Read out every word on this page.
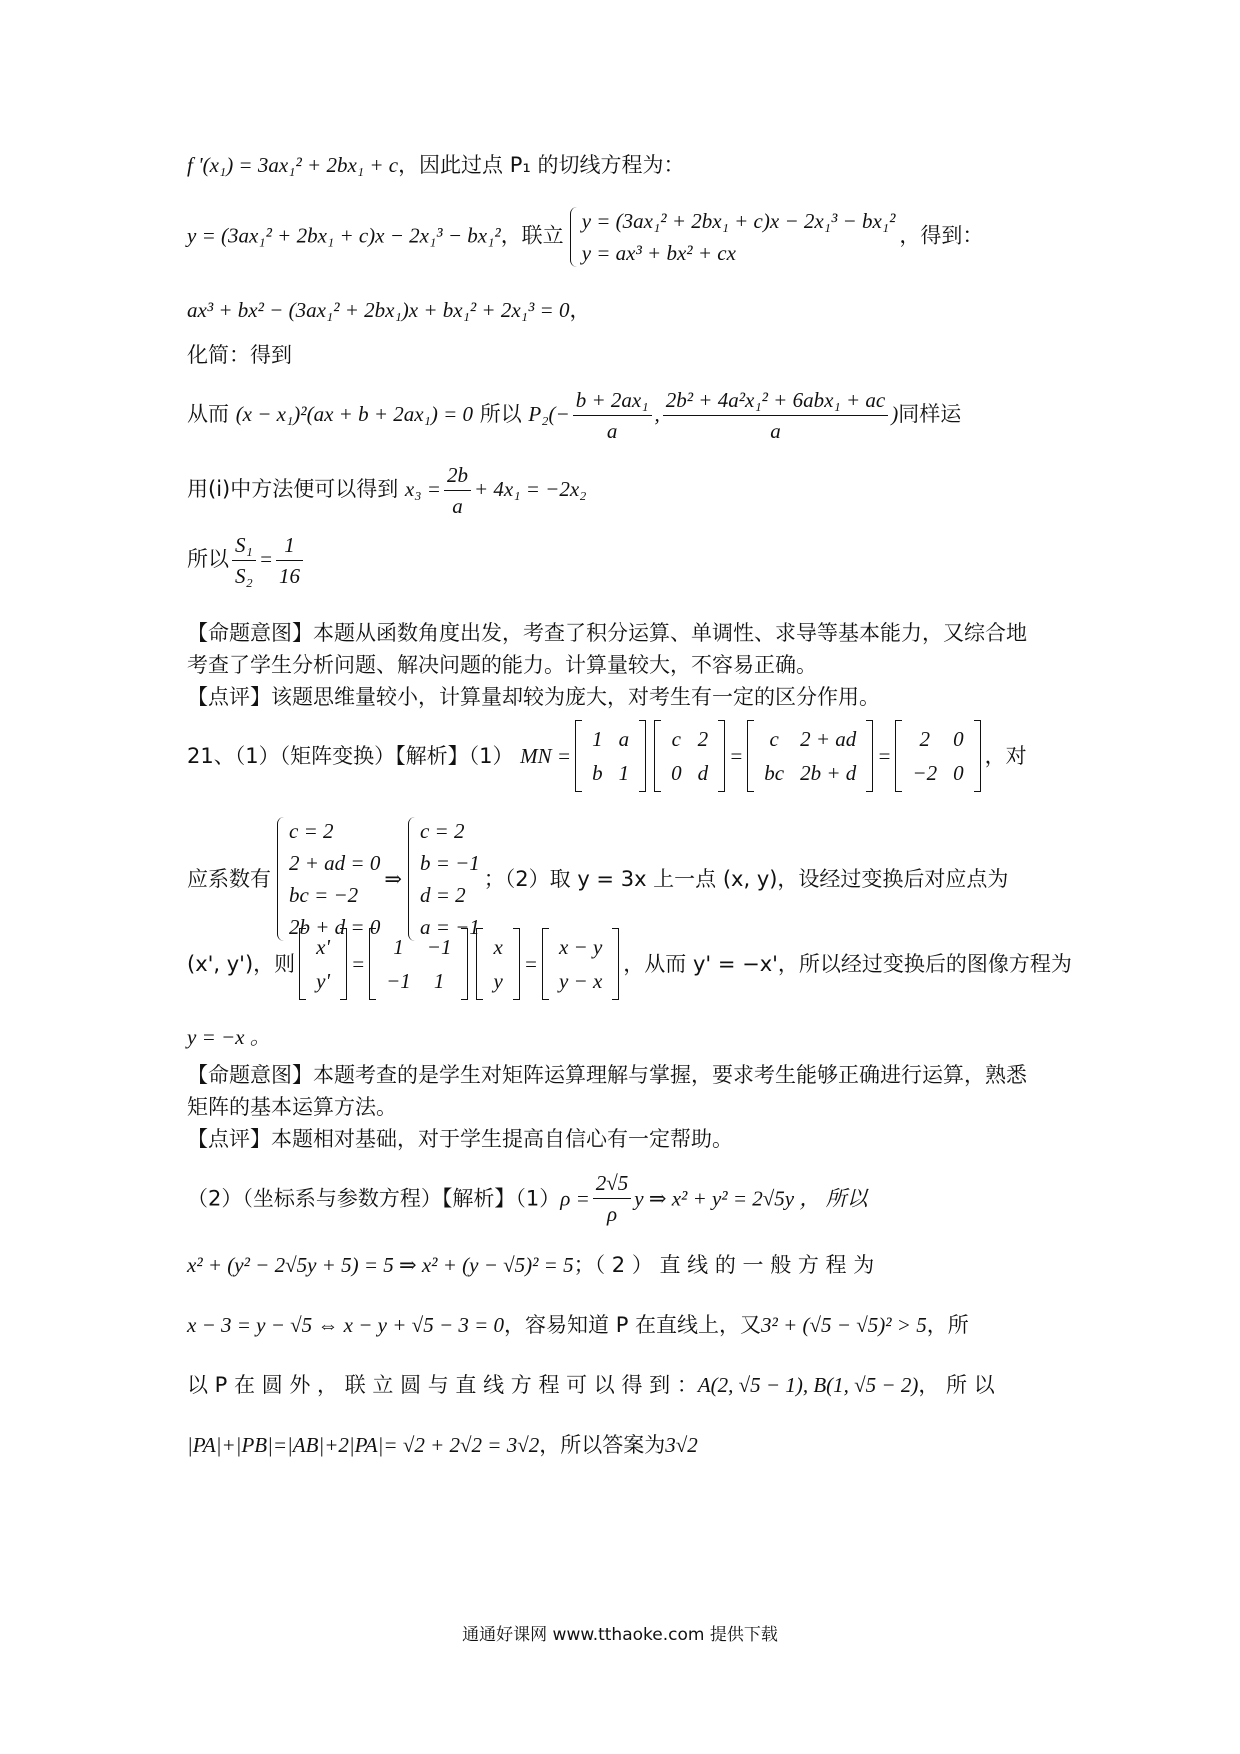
f '(x₁) = 3ax₁² + 2bx₁ + c，因此过点 P₁ 的切线方程为：
y = (3ax₁² + 2bx₁ + c)x − 2x₁³ − bx₁²，联立
y = (3ax₁² + 2bx₁ + c)x − 2x₁³ − bx₁²
y = ax³ + bx² + cx
，得到：
ax³ + bx² − (3ax₁² + 2bx₁)x + bx₁² + 2x₁³ = 0，
化简：得到
从而 (x − x₁)²(ax + b + 2ax₁) = 0 所以 $P_2(- \frac{\text{b + 2ax₁}}{a}$ , $\frac{\text{2b² + 4a²x₁² + 6abx₁ + ac}}{a}$ )同样运
用(i)中方法便可以得到 $x_3 = \frac{2b}{a} + 4x_1 = -2x_2$
所以 $\frac{\text{S₁}}{\text{S₂}} = \frac{1}{16}$
【命题意图】本题从函数角度出发，考查了积分运算、单调性、求导等基本能力，又综合地
考查了学生分析问题、解决问题的能力。计算量较大，不容易正确。
【点评】该题思维量较小，计算量却较为庞大，对考生有一定的区分作用。
21、（1）（矩阵变换）【解析】（1） MN =
1	a
b	1
c	2
0	d
=
c	2 + ad
bc	2b + d
=
2	0
−2	0
，对
应系数有
c = 2
2 + ad = 0
bc = −2
2b + d = 0
⇒
c = 2
b = −1
d = 2
a = −1
；（2）取 y = 3x 上一点 (x, y)，设经过变换后对应点为
(x', y')，则
x'
y'
=
1	−1
−1	1
x
y
=
x − y
y − x
，从而 y' = −x'，所以经过变换后的图像方程为
y = −x 。
【命题意图】本题考查的是学生对矩阵运算理解与掌握，要求考生能够正确进行运算，熟悉
矩阵的基本运算方法。
【点评】本题相对基础，对于学生提高自信心有一定帮助。
（2）（坐标系与参数方程）【解析】$(1)\rho = \frac{2√5}{\rho}$ y ⇒ x² + y² = 2√5y ， 所以
x² + (y² − 2√5y + 5) = 5 ⇒ x² + (y − √5)² = 5；（ 2 ） 直 线 的 一 般 方 程 为
x − 3 = y − √5 ⇔ x − y + √5 − 3 = 0，容易知道 P 在直线上，又3² + (√5 − √5)² > 5，所
以 P 在 圆 外 ， 联 立 圆 与 直 线 方 程 可 以 得 到 ：A(2, √5 − 1), B(1, √5 − 2)， 所 以
|PA|+|PB|=|AB|+2|PA|= √2 + 2√2 = 3√2，所以答案为3√2
通通好课网 www.tthaoke.com 提供下载
